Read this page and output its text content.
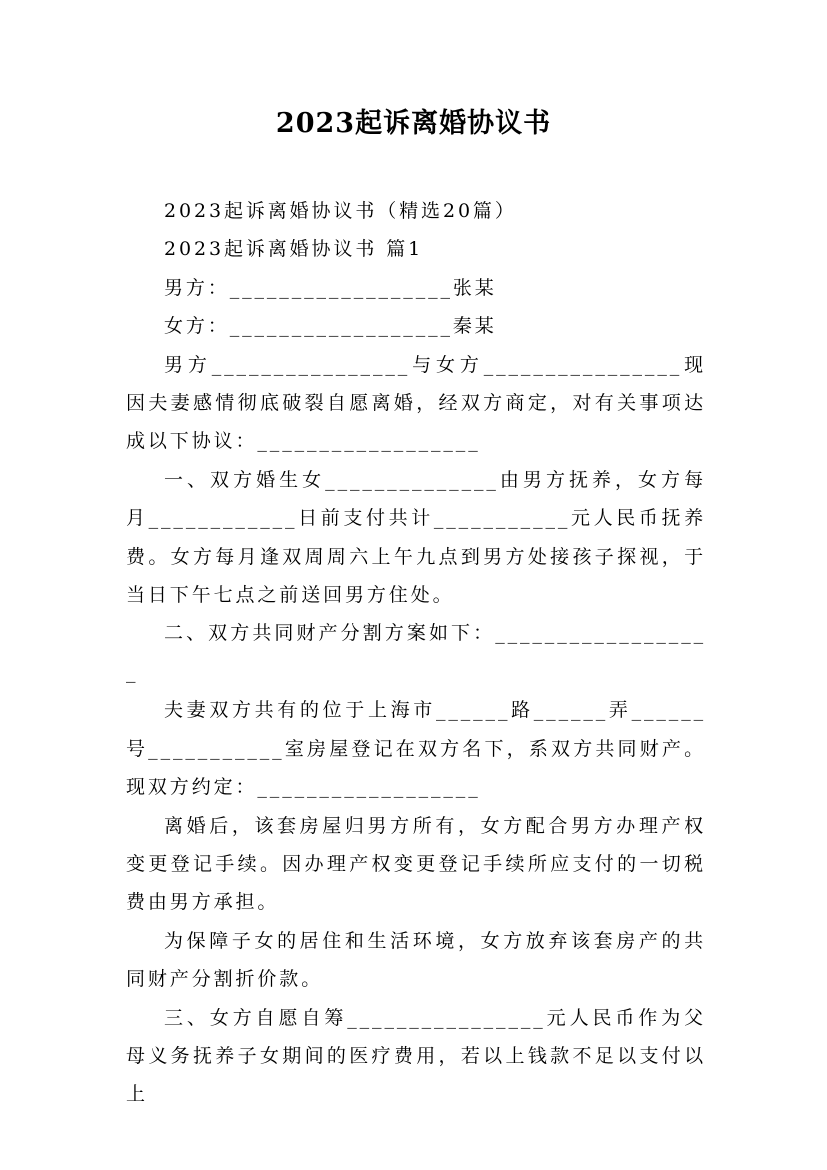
2023起诉离婚协议书

2023起诉离婚协议书（精选20篇）

2023起诉离婚协议书 篇1

男方：__________________张某

女方：__________________秦某

男方________________与女方________________现因夫妻感情彻底破裂自愿离婚，经双方商定，对有关事项达成以下协议：__________________

一、双方婚生女______________由男方抚养，女方每月____________日前支付共计___________元人民币抚养费。女方每月逢双周周六上午九点到男方处接孩子探视，于当日下午七点之前送回男方住处。

二、双方共同财产分割方案如下：__________________

夫妻双方共有的位于上海市______路______弄______号___________室房屋登记在双方名下，系双方共同财产。现双方约定：__________________

离婚后，该套房屋归男方所有，女方配合男方办理产权变更登记手续。因办理产权变更登记手续所应支付的一切税费由男方承担。

为保障子女的居住和生活环境，女方放弃该套房产的共同财产分割折价款。

三、女方自愿自筹________________元人民币作为父母义务抚养子女期间的医疗费用，若以上钱款不足以支付以上
